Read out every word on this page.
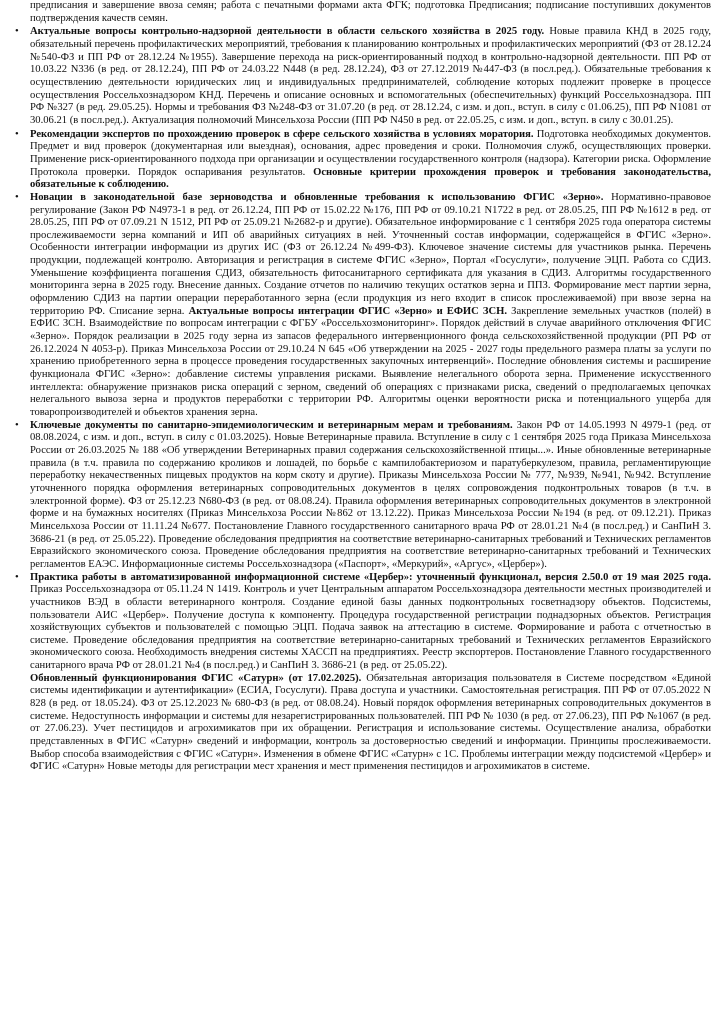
предписания и завершение ввоза семян; работа с печатными формами акта ФГК; подготовка Предписания; подписание поступивших документов подтверждения качеств семян.

• Актуальные вопросы контрольно-надзорной деятельности в области сельского хозяйства в 2025 году. Новые правила КНД в 2025 году, обязательный перечень профилактических мероприятий, требования к планированию контрольных и профилактических мероприятий (ФЗ от 28.12.24 №540-ФЗ и ПП РФ от 28.12.24 №1955). Завершение перехода на риск-ориентированный подход в контрольно-надзорной деятельности. ПП РФ от 10.03.22 N336 (в ред. от 28.12.24), ПП РФ от 24.03.22 N448 (в ред. 28.12.24), ФЗ от 27.12.2019 №447-ФЗ (в посл.ред.). Обязательные требования к осуществлению деятельности юридических лиц и индивидуальных предпринимателей, соблюдение которых подлежит проверке в процессе осуществления Россельхознадзором КНД. Перечень и описание основных и вспомогательных (обеспечительных) функций Россельхознадзора. ПП РФ №327 (в ред. 29.05.25). Нормы и требования ФЗ №248-ФЗ от 31.07.20 (в ред. от 28.12.24, с изм. и доп., вступ. в силу с 01.06.25), ПП РФ N1081 от 30.06.21 (в посл.ред.). Актуализация полномочий Минсельхоза России (ПП РФ N450 в ред. от 22.05.25, с изм. и доп., вступ. в силу с 30.01.25).
• Рекомендации экспертов по прохождению проверок в сфере сельского хозяйства в условиях моратория. Подготовка необходимых документов. Предмет и вид проверок (документарная или выездная), основания, адрес проведения и сроки. Полномочия служб, осуществляющих проверки. Применение риск-ориентированного подхода при организации и осуществлении государственного контроля (надзора). Категории риска. Оформление Протокола проверки. Порядок оспаривания результатов. Основные критерии прохождения проверок и требования законодательства, обязательные к соблюдению.
• Новации в законодательной базе зерноводства и обновленные требования к использованию ФГИС «Зерно». Нормативно-правовое регулирование (Закон РФ N4973-1 в ред. от 26.12.24, ПП РФ от 15.02.22 №176, ПП РФ от 09.10.21 N1722 в ред. от 28.05.25, ПП РФ №1612 в ред. от 28.05.25, ПП РФ от 07.09.21 N 1512, РП РФ от 25.09.21 №2682-р и другие). Обязательное информирование с 1 сентября 2025 года оператора системы прослеживаемости зерна компаний и ИП об аварийных ситуациях в ней. Уточненный состав информации, содержащейся в ФГИС «Зерно». Особенности интеграции информации из других ИС (ФЗ от 26.12.24 №499-ФЗ). Ключевое значение системы для участников рынка. Перечень продукции, подлежащей контролю. Авторизация и регистрация в системе ФГИС «Зерно», Портал «Госуслуги», получение ЭЦП. Работа со СДИЗ. Уменьшение коэффициента погашения СДИЗ, обязательность фитосанитарного сертификата для указания в СДИЗ. Алгоритмы государственного мониторинга зерна в 2025 году. Внесение данных. Создание отчетов по наличию текущих остатков зерна и ППЗ. Формирование мест партии зерна, оформлению СДИЗ на партии операции переработанного зерна (если продукция из него входит в список прослеживаемой) при ввозе зерна на территорию РФ. Списание зерна. Актуальные вопросы интеграции ФГИС «Зерно» и ЕФИС ЗСН. Закрепление земельных участков (полей) в ЕФИС ЗСН. Взаимодействие по вопросам интеграции с ФГБУ «Россельхозмониторинг». Порядок действий в случае аварийного отключения ФГИС «Зерно». Порядок реализации в 2025 году зерна из запасов федерального интервенционного фонда сельскохозяйственной продукции (РП РФ от 26.12.2024 N 4053-р). Приказ Минсельхоза России от 29.10.24 N 645 «Об утверждении на 2025 - 2027 годы предельного размера платы за услуги по хранению приобретенного зерна в процессе проведения государственных закупочных интервенций». Последние обновления системы и расширение функционала ФГИС «Зерно»: добавление системы управления рисками. Выявление нелегального оборота зерна. Применение искусственного интеллекта: обнаружение признаков риска операций с зерном, сведений об операциях с признаками риска, сведений о предполагаемых цепочках нелегального вывоза зерна и продуктов переработки с территории РФ. Алгоритмы оценки вероятности риска и потенциального ущерба для товаропроизводителей и объектов хранения зерна.
• Ключевые документы по санитарно-эпидемиологическим и ветеринарным мерам и требованиям. Закон РФ от 14.05.1993 N 4979-1 (ред. от 08.08.2024, с изм. и доп., вступ. в силу с 01.03.2025). Новые Ветеринарные правила. Вступление в силу с 1 сентября 2025 года Приказа Минсельхоза России от 26.03.2025 № 188 «Об утверждении Ветеринарных правил содержания сельскохозяйственной птицы...». Иные обновленные ветеринарные правила (в т.ч. правила по содержанию кроликов и лошадей, по борьбе с кампилобактериозом и паратуберкулезом, правила, регламентирующие переработку некачественных пищевых продуктов на корм скоту и другие). Приказы Минсельхоза России № 777, №939, №941, №942. Вступление уточненного порядка оформления ветеринарных сопроводительных документов в целях сопровождения подконтрольных товаров (в т.ч. в электронной форме). ФЗ от 25.12.23 N680-ФЗ (в ред. от 08.08.24). Правила оформления ветеринарных сопроводительных документов в электронной форме и на бумажных носителях (Приказ Минсельхоза России №862 от 13.12.22). Приказ Минсельхоза России №194 (в ред. от 09.12.21). Приказ Минсельхоза России от 11.11.24 №677. Постановление Главного государственного санитарного врача РФ от 28.01.21 №4 (в посл.ред.) и СанПиН 3. 3686-21 (в ред. от 25.05.22). Проведение обследования предприятия на соответствие ветеринарно-санитарных требований и Технических регламентов Евразийского экономического союза. Проведение обследования предприятия на соответствие ветеринарно-санитарных требований и Технических регламентов ЕАЭС. Информационные системы Россельхознадзора («Паспорт», «Меркурий», «Аргус», «Цербер»).
• Практика работы в автоматизированной информационной системе «Цербер»: уточненный функционал, версия 2.50.0 от 19 мая 2025 года. Приказ Россельхознадзора от 05.11.24 N 1419. Контроль и учет Центральным аппаратом Россельхознадзора деятельности местных производителей и участников ВЭД в области ветеринарного контроля. Создание единой базы данных подконтрольных госветнадзору объектов. Подсистемы, пользователи АИС «Цербер». Получение доступа к компоненту. Процедура государственной регистрации поднадзорных объектов. Регистрация хозяйствующих субъектов и пользователей с помощью ЭЦП. Подача заявок на аттестацию в системе. Формирование и работа с отчетностью в системе. Проведение обследования предприятия на соответствие ветеринарно-санитарных требований и Технических регламентов Евразийского экономического союза. Необходимость внедрения системы ХАССП на предприятиях. Реестр экспортеров. Постановление Главного государственного санитарного врача РФ от 28.01.21 №4 (в посл.ред.) и СанПиН 3. 3686-21 (в ред. от 25.05.22).
Обновленный функционирования ФГИС «Сатурн» (от 17.02.2025). Обязательная авторизация пользователя в Системе посредством «Единой системы идентификации и аутентификации» (ЕСИА, Госуслуги). Права доступа и участники. Самостоятельная регистрация. ПП РФ от 07.05.2022 N 828 (в ред. от 18.05.24). ФЗ от 25.12.2023 № 680-ФЗ (в ред. от 08.08.24). Новый порядок оформления ветеринарных сопроводительных документов в системе. Недоступность информации и системы для незарегистрированных пользователей. ПП РФ № 1030 (в ред. от 27.06.23), ПП РФ №1067 (в ред. от 27.06.23). Учет пестицидов и агрохимикатов при их обращении. Регистрация и использование системы. Осуществление анализа, обработки представленных в ФГИС «Сатурн» сведений и информации, контроль за достоверностью сведений и информации. Принципы прослеживаемости. Выбор способа взаимодействия с ФГИС «Сатурн». Изменения в обмене ФГИС «Сатурн» с 1С. Проблемы интеграции между подсистемой «Цербер» и ФГИС «Сатурн» Новые методы для регистрации мест хранения и мест применения пестицидов и агрохимикатов в системе.
